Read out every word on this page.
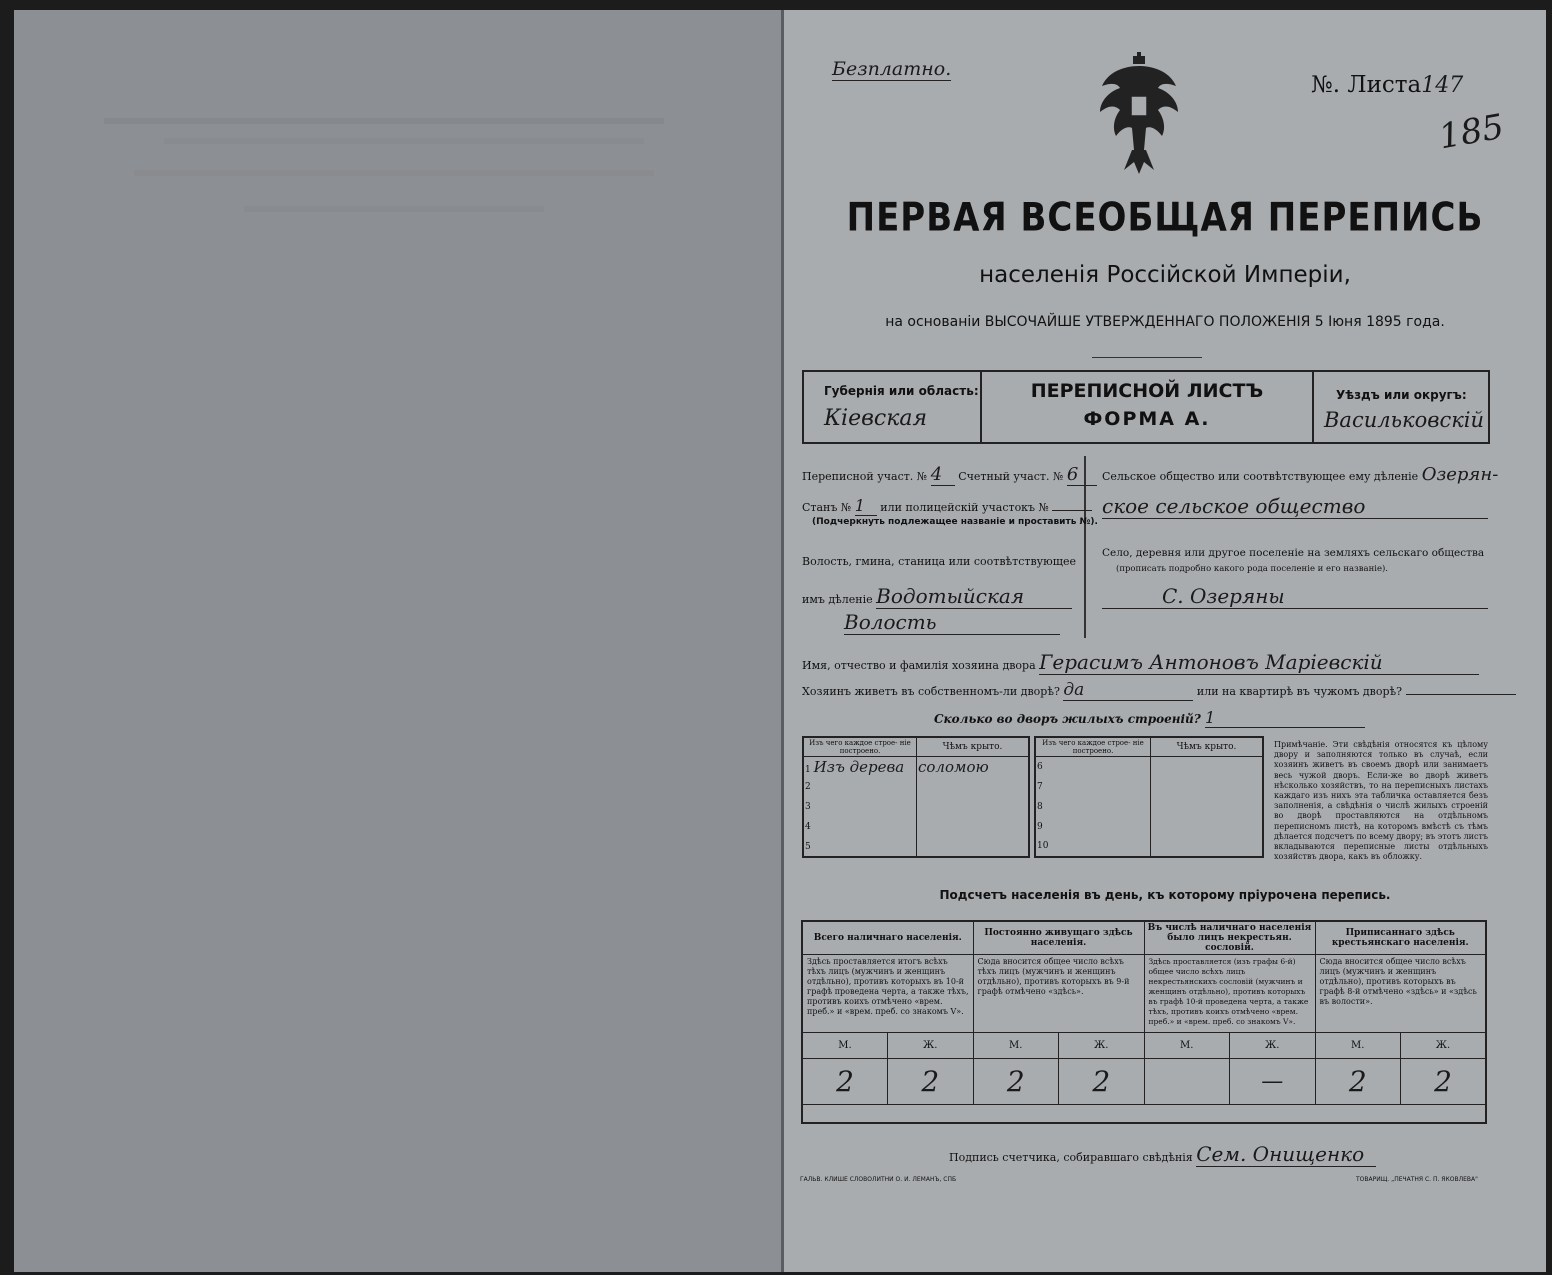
Безплатно.
№. Листа147
185
ПЕРВАЯ ВСЕОБЩАЯ ПЕРЕПИСЬ
населенія Россійской Имперіи,
на основаніи ВЫСОЧАЙШЕ УТВЕРЖДЕННАГО ПОЛОЖЕНІЯ 5 Іюня 1895 года.
Губернія или область:
Кіевская
ПЕРЕПИСНОЙ ЛИСТЪ
ФОРМА А.
Уѣздъ или округъ:
Васильковскій
Переписной участ. № 4 Счетный участ. № 6
Станъ № 1 или полицейскій участокъ №
(Подчеркнуть подлежащее названіе и проставить №).
Волость, гмина, станица или соотвѣтствующее
имъ дѣленіе Водотыйская
Волость
Сельское общество или соотвѣтствующее ему дѣленіе Озерян-
ское сельское общество
Село, деревня или другое поселеніе на земляхъ сельскаго общества
(прописать подробно какого рода поселеніе и его названіе).
С. Озеряны
Имя, отчество и фамилія хозяина двора Герасимъ Антоновъ Марiевскій
Хозяинъ живетъ въ собственномъ-ли дворѣ? да	или на квартирѣ въ чужомъ дворѣ?
Сколько во дворъ жилыхъ строеній? 1
Изъ чего каждое строе- ніе построено.	Чѣмъ крыто.
1 Изъ дерева	соломою
2	
3	
4	
5	
Изъ чего каждое строе- ніе построено.	Чѣмъ крыто.
6	
7	
8	
9	
10	
Примѣчаніе. Эти свѣдѣнія относятся къ цѣлому двору и заполняются только въ случаѣ, если хозяинъ живетъ въ своемъ дворѣ или занимаетъ весь чужой дворъ. Если-же во дворѣ живетъ нѣсколько хозяйствъ, то на переписныхъ листахъ каждаго изъ нихъ эта табличка оставляется безъ заполненія, а свѣдѣнія о числѣ жилыхъ строеній во дворѣ проставляются на отдѣльномъ переписномъ листѣ, на которомъ вмѣстѣ съ тѣмъ дѣлается подсчетъ по всему двору; въ этотъ листъ вкладываются переписные листы отдѣльныхъ хозяйствъ двора, какъ въ обложку.
Подсчетъ населенія въ день, къ которому пріурочена перепись.
Всего наличнаго населенія.		Постоянно живущаго здѣсь населенія.		Въ числѣ наличнаго населенія было лицъ некрестьян. сословій.		Приписаннаго здѣсь крестьянскаго населенія.	
Здѣсь проставляется итогъ всѣхъ тѣхъ лицъ (мужчинъ и женщинъ отдѣльно), противъ которыхъ въ 10-й графѣ проведена черта, а также тѣхъ, противъ коихъ отмѣчено «врем. преб.» и «врем. преб. со знакомъ V».		Сюда вносится общее число всѣхъ тѣхъ лицъ (мужчинъ и женщинъ отдѣльно), противъ которыхъ въ 9-й графѣ отмѣчено «здѣсь».		Здѣсь проставляется (изъ графы 6-й) общее число всѣхъ лицъ некрестьянскихъ сословій (мужчинъ и женщинъ отдѣльно), противъ которыхъ въ графѣ 10-й проведена черта, а также тѣхъ, противъ коихъ отмѣчено «врем. преб.» и «врем. преб. со знакомъ V».		Сюда вносится общее число всѣхъ лицъ (мужчинъ и женщинъ отдѣльно), противъ которыхъ въ графѣ 8-й отмѣчено «здѣсь» и «здѣсь въ волости».	
М.	Ж.	М.	Ж.	М.	Ж.	М.	Ж.
2	2	2	2		—	2	2

Подпись счетчика, собиравшаго свѣдѣнія Сем. Онищенко
ГАЛЬВ. КЛИШЕ СЛОВОЛИТНИ О. И. ЛЕМАНЪ, СПБ	ТОВАРИЩ. „ПЕЧАТНЯ С. П. ЯКОВЛЕВА"
